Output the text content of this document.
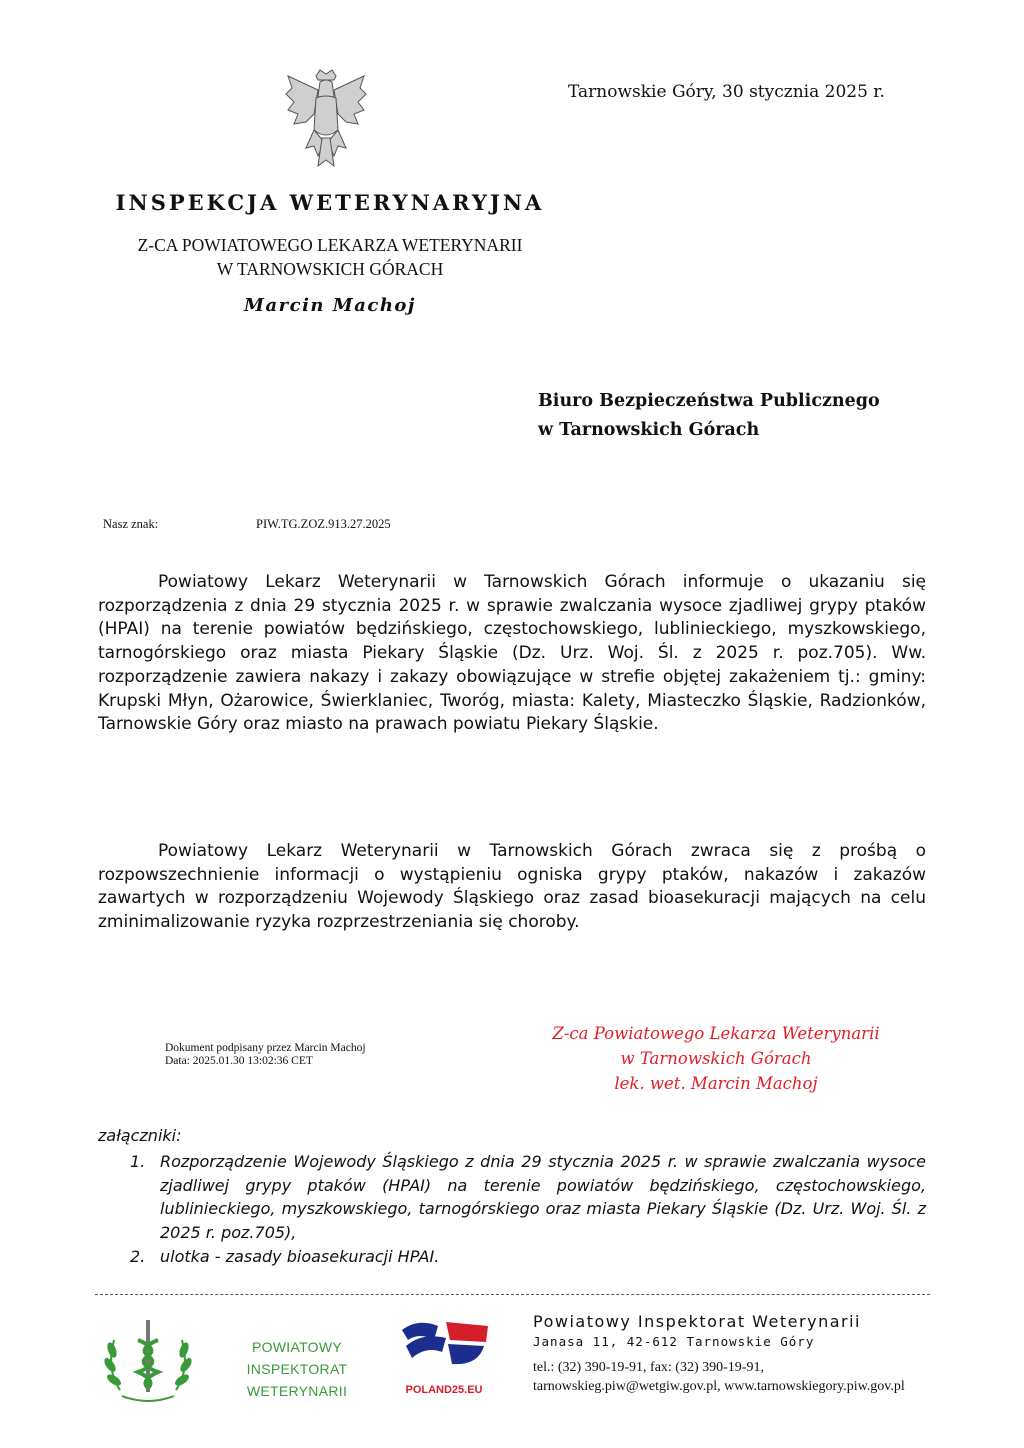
Tarnowskie Góry, 30 stycznia 2025 r.
INSPEKCJA WETERYNARYJNA
Z-CA POWIATOWEGO LEKARZA WETERYNARII
W TARNOWSKICH GÓRACH
Marcin Machoj
Biuro Bezpieczeństwa Publicznego
w Tarnowskich Górach
Nasz znak:	PIW.TG.ZOZ.913.27.2025
Powiatowy Lekarz Weterynarii w Tarnowskich Górach informuje o ukazaniu się rozporządzenia z dnia 29 stycznia 2025 r. w sprawie zwalczania wysoce zjadliwej grypy ptaków (HPAI) na terenie powiatów będzińskiego, częstochowskiego, lublinieckiego, myszkowskiego, tarnogórskiego oraz miasta Piekary Śląskie (Dz. Urz. Woj. Śl. z 2025 r. poz.705). Ww. rozporządzenie zawiera nakazy i zakazy obowiązujące w strefie objętej zakażeniem tj.: gminy: Krupski Młyn, Ożarowice, Świerklaniec, Tworóg, miasta: Kalety, Miasteczko Śląskie, Radzionków, Tarnowskie Góry oraz miasto na prawach powiatu Piekary Śląskie.
Powiatowy Lekarz Weterynarii w Tarnowskich Górach zwraca się z prośbą o rozpowszechnienie informacji o wystąpieniu ogniska grypy ptaków, nakazów i zakazów zawartych w rozporządzeniu Wojewody Śląskiego oraz zasad bioasekuracji mających na celu zminimalizowanie ryzyka rozprzestrzeniania się choroby.
Dokument podpisany przez Marcin Machoj
Data: 2025.01.30 13:02:36 CET
Z-ca Powiatowego Lekarza Weterynarii
w Tarnowskich Górach
lek. wet. Marcin Machoj
załączniki:
1. Rozporządzenie Wojewody Śląskiego z dnia 29 stycznia 2025 r. w sprawie zwalczania wysoce zjadliwej grypy ptaków (HPAI) na terenie powiatów będzińskiego, częstochowskiego, lublinieckiego, myszkowskiego, tarnogórskiego oraz miasta Piekary Śląskie (Dz. Urz. Woj. Śl. z 2025 r. poz.705),
2. ulotka - zasady bioasekuracji HPAI.
POWIATOWY INSPEKTORAT
WETERYNARII	POLAND25.EU
Powiatowy Inspektorat Weterynarii
Janasa 11, 42-612 Tarnowskie Góry
tel.: (32) 390-19-91, fax: (32) 390-19-91,
tarnowskieg.piw@wetgiw.gov.pl, www.tarnowskiegory.piw.gov.pl
